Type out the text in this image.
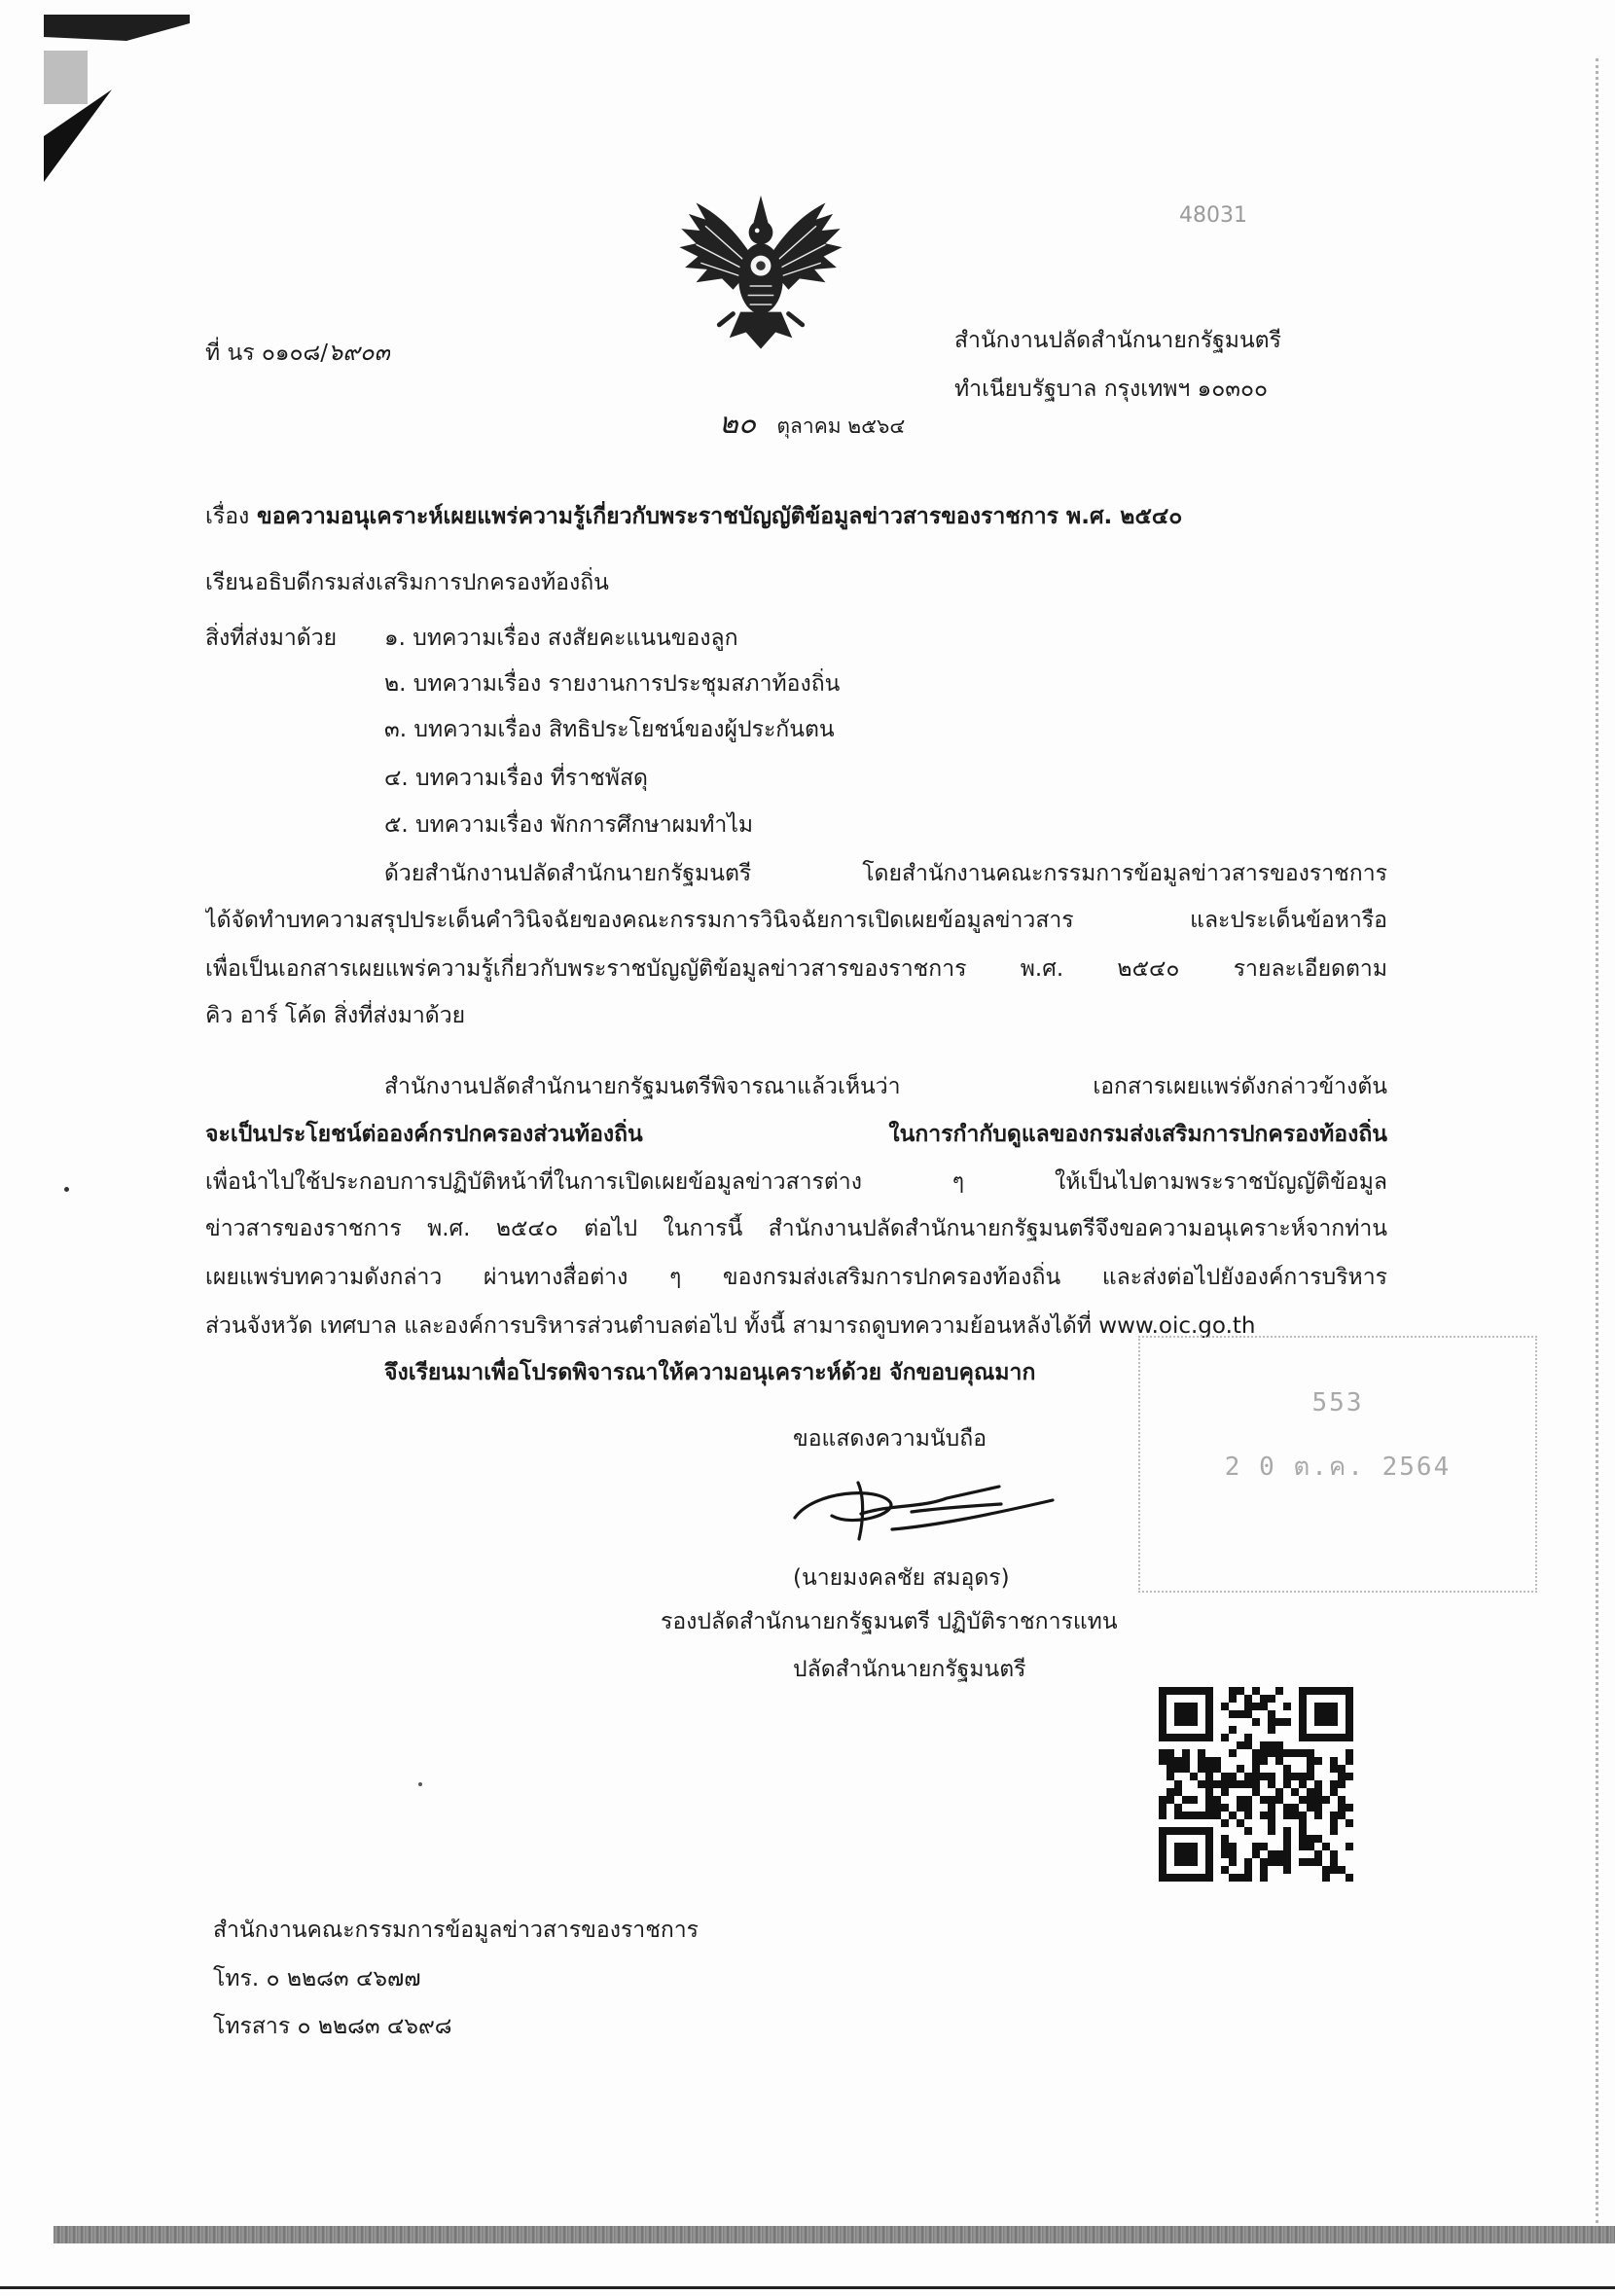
ที่ นร ๐๑๐๘/๖๙๐๓
48031
สำนักงานปลัดสำนักนายกรัฐมนตรี
ทำเนียบรัฐบาล กรุงเทพฯ ๑๐๓๐๐
๒๐ ตุลาคม ๒๕๖๔
เรื่อง ขอความอนุเคราะห์เผยแพร่ความรู้เกี่ยวกับพระราชบัญญัติข้อมูลข่าวสารของราชการ พ.ศ. ๒๕๔๐
เรียน อธิบดีกรมส่งเสริมการปกครองท้องถิ่น
สิ่งที่ส่งมาด้วย ๑. บทความเรื่อง สงสัยคะแนนของลูก
๒. บทความเรื่อง รายงานการประชุมสภาท้องถิ่น
๓. บทความเรื่อง สิทธิประโยชน์ของผู้ประกันตน
๔. บทความเรื่อง ที่ราชพัสดุ
๕. บทความเรื่อง พักการศึกษาผมทำไม
ด้วยสำนักงานปลัดสำนักนายกรัฐมนตรี โดยสำนักงานคณะกรรมการข้อมูลข่าวสารของราชการ
ได้จัดทำบทความสรุปประเด็นคำวินิจฉัยของคณะกรรมการวินิจฉัยการเปิดเผยข้อมูลข่าวสาร และประเด็นข้อหารือ
เพื่อเป็นเอกสารเผยแพร่ความรู้เกี่ยวกับพระราชบัญญัติข้อมูลข่าวสารของราชการ พ.ศ. ๒๕๔๐ รายละเอียดตาม
คิว อาร์ โค้ด สิ่งที่ส่งมาด้วย
สำนักงานปลัดสำนักนายกรัฐมนตรีพิจารณาแล้วเห็นว่า เอกสารเผยแพร่ดังกล่าวข้างต้น
จะเป็นประโยชน์ต่อองค์กรปกครองส่วนท้องถิ่น ในการกำกับดูแลของกรมส่งเสริมการปกครองท้องถิ่น
เพื่อนำไปใช้ประกอบการปฏิบัติหน้าที่ในการเปิดเผยข้อมูลข่าวสารต่าง ๆ ให้เป็นไปตามพระราชบัญญัติข้อมูล
ข่าวสารของราชการ พ.ศ. ๒๕๔๐ ต่อไป ในการนี้ สำนักงานปลัดสำนักนายกรัฐมนตรีจึงขอความอนุเคราะห์จากท่าน
เผยแพร่บทความดังกล่าว ผ่านทางสื่อต่าง ๆ ของกรมส่งเสริมการปกครองท้องถิ่น และส่งต่อไปยังองค์การบริหาร
ส่วนจังหวัด เทศบาล และองค์การบริหารส่วนตำบลต่อไป ทั้งนี้ สามารถดูบทความย้อนหลังได้ที่ www.oic.go.th
553
2 0 ต.ค. 2564
จึงเรียนมาเพื่อโปรดพิจารณาให้ความอนุเคราะห์ด้วย จักขอบคุณมาก
ขอแสดงความนับถือ
(นายมงคลชัย สมอุดร)
รองปลัดสำนักนายกรัฐมนตรี ปฏิบัติราชการแทน
ปลัดสำนักนายกรัฐมนตรี
สำนักงานคณะกรรมการข้อมูลข่าวสารของราชการ
โทร. ๐ ๒๒๘๓ ๔๖๗๗
โทรสาร ๐ ๒๒๘๓ ๔๖๙๘
